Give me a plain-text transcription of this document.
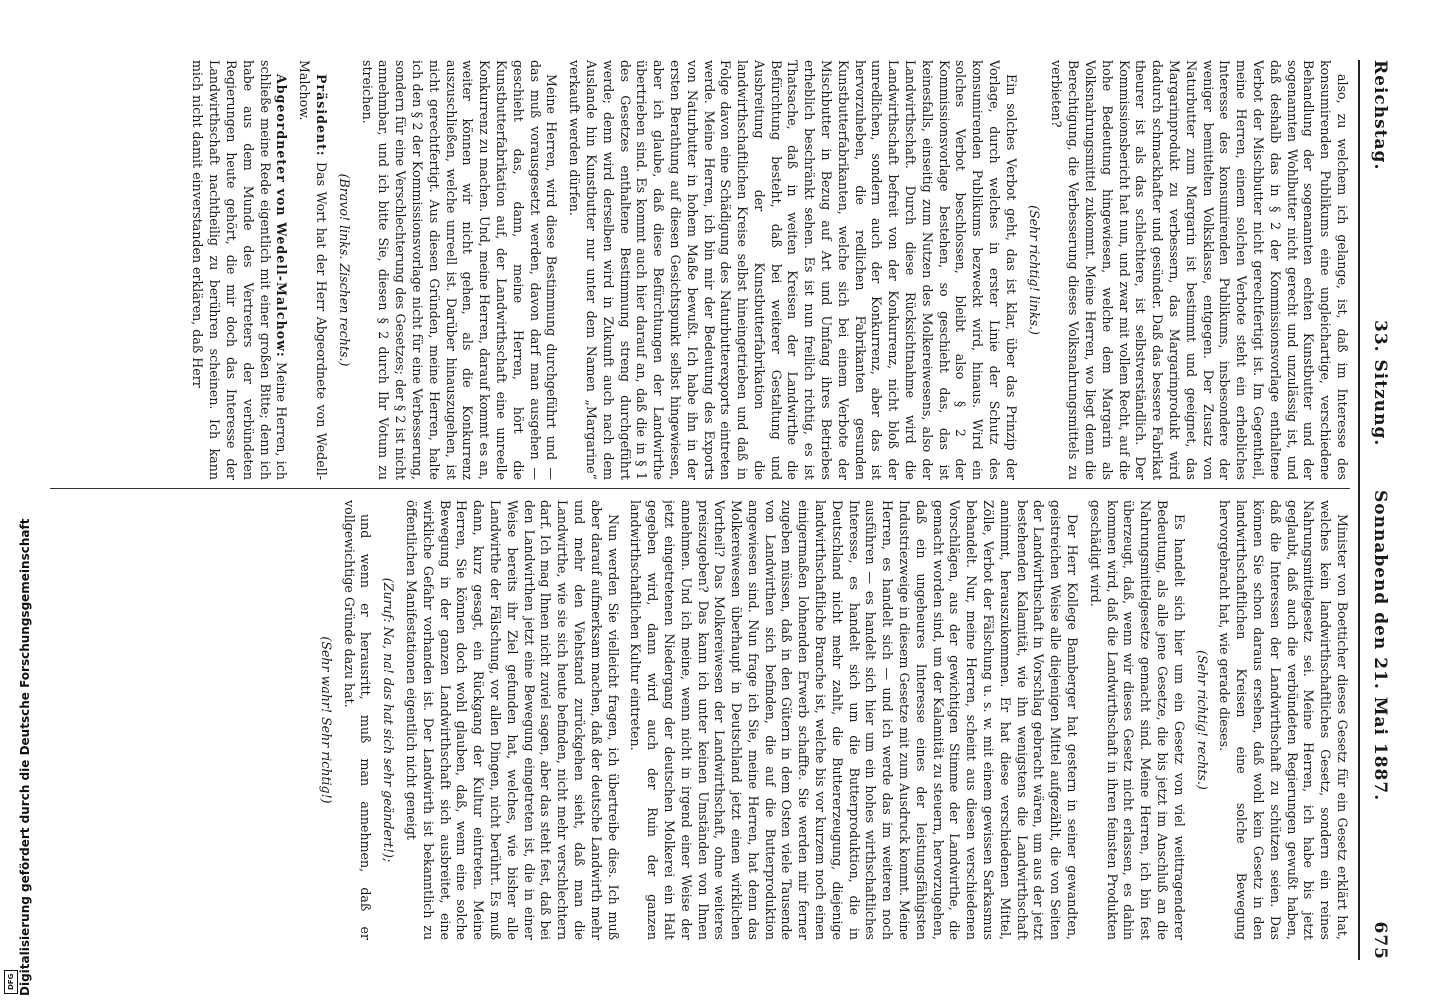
Reichstag.
33. Sitzung.
Sonnabend den 21. Mai 1887.
675

also, zu welchem ich gelange, ist, daß im Interesse des konsumirenden Publikums eine ungleichartige, verschiedene Behandlung der sogenannten echten Kunstbutter und der sogenannten Wohlbutter nicht gerecht und unzulässig ist, und daß deshalb das in § 2 der Kommissionsvorlage enthaltene Verbot der Mischbutter nicht gerechtfertigt ist. Im Gegentheil, meine Herren, einem solchen Verbote steht ein erhebliches Interesse des konsumirenden Publikums, insbesondere der weniger bemittelten Volksklasse, entgegen. Der Zusatz von Naturbutter zum Margarin ist bestimmt und geeignet, das Margarinprodukt zu verbessern, das Margarinprodukt wird dadurch schmackhafter und gesünder. Daß das bessere Fabrikat theurer ist als das schlechtere, ist selbstverständlich. Der Kommissionsbericht hat nun, und zwar mit vollem Recht, auf die hohe Bedeutung hingewiesen, welche dem Margarin als Volksnahrungsmittel zukommt. Meine Herren, wo liegt denn die Berechtigung, die Verbesserung dieses Volksnahrungsmittels zu verbieten?

(Sehr richtig! links.)

Ein solches Verbot geht, das ist klar, über das Prinzip der Vorlage, durch welches in erster Linie der Schutz des konsumirenden Publikums bezweckt wird, hinaus. Wird ein solches Verbot beschlossen, bleibt also § 2 der Kommissionsvorlage bestehen, so geschieht das, das ist keinesfalls, einseitig zum Nutzen des Molkereiwesens, also der Landwirthschaft. Durch diese Rücksichtnahme wird die Landwirthschaft befreit von der Konkurrenz, nicht bloß der unredlichen, sondern auch der Konkurrenz, aber das ist hervorzuheben, die redlichen Fabrikanten gesunden Kunstbutterfabrikanten, welche sich bei einem Verbote der Mischbutter in Bezug auf Art und Umfang ihres Betriebes erheblich beschränkt sehen. Es ist nun freilich richtig, es ist Thatsache, daß in weiten Kreisen der Landwirthe die Befürchtung besteht, daß bei weiterer Gestaltung und Ausbreitung der Kunstbutterfabrikation die landwirthschaftlichen Kreise selbst hineingetrieben und daß in Folge davon eine Schädigung des Naturbutterexports eintreten werde. Meine Herren, ich bin mir der Bedeutung des Exports von Naturbutter in hohem Maße bewußt. Ich habe ihn in der ersten Berathung auf diesen Gesichtspunkt selbst hingewiesen, aber ich glaube, daß diese Befürchtungen der Landwirthe übertrieben sind. Es kommt auch hier darauf an, daß die in § 1 des Gesetzes enthaltene Bestimmung streng durchgeführt werde; denn wird derselben wird in Zukunft auch nach dem Auslande hin Kunstbutter nur unter dem Namen „Margarine“ verkauft werden dürfen.

Meine Herren, wird diese Bestimmung durchgeführt und — das muß vorausgesetzt werden, davon darf man ausgehen — geschieht das, dann, meine Herren, hört die Kunstbutterfabrikation auf, der Landwirthschaft eine unreelle Konkurrenz zu machen. Und, meine Herren, darauf kommt es an, weiter können wir nicht gehen, als die Konkurrenz auszuschließen, welche unreell ist. Darüber hinauszugehen, ist nicht gerechtfertigt. Aus diesen Gründen, meine Herren, halte ich den § 2 der Kommissionsvorlage nicht für eine Verbesserung, sondern für eine Verschlechterung des Gesetzes; der § 2 ist nicht annehmbar, und ich bitte Sie, diesen § 2 durch Ihr Votum zu streichen.

(Bravo! links. Zischen rechts.)

Präsident: Das Wort hat der Herr Abgeordnete von Wedell-Malchow.

Abgeordneter von Wedell-Malchow: Meine Herren, ich schließe meine Rede eigentlich mit einer großen Bitte; denn ich habe aus dem Munde des Vertreters der verbündeten Regierungen heute gehört, die mir doch das Interesse der Landwirthschaft nachtheilig zu berühren scheinen. Ich kann mich nicht damit einverstanden erklären, daß Herr

Minister von Boetticher dieses Gesetz für ein Gesetz erklärt hat, welches kein landwirthschaftliches Gesetz, sondern ein reines Nahrungsmittelgesetz sei. Meine Herren, ich habe bis jetzt geglaubt, daß auch die verbündeten Regierungen gewußt haben, daß die Interessen der Landwirthschaft zu schützen seien. Das können Sie schon daraus ersehen, daß wohl kein Gesetz in den landwirthschaftlichen Kreisen eine solche Bewegung hervorgebracht hat, wie gerade dieses.

(Sehr richtig! rechts.)

Es handelt sich hier um ein Gesetz von viel weittragenderer Bedeutung, als alle jene Gesetze, die bis jetzt im Anschluß an die Nahrungsmittelgesetze gemacht sind. Meine Herren, ich bin fest überzeugt, daß, wenn wir dieses Gesetz nicht erlassen, es dahin kommen wird, daß die Landwirthschaft in ihren feinsten Produkten geschädigt wird.

Der Herr Kollege Bamberger hat gestern in seiner gewandten, geistreichen Weise alle diejenigen Mittel aufgezählt, die von Seiten der Landwirthschaft in Vorschlag gebracht wären, um aus der jetzt bestehenden Kalamität, wie ihn wenigstens die Landwirthschaft annimmt, herauszukommen. Er hat diese verschiedenen Mittel, Zölle, Verbot der Fälschung u. s. w. mit einem gewissen Sarkasmus behandelt. Nur, meine Herren, scheint aus diesen verschiedenen Vorschlägen, aus der gewichtigen Stimme der Landwirthe, die gemacht worden sind, um der Kalamität zu steuern, hervorzugehen, daß ein ungeheures Interesse eines der leistungsfähigsten Industriezweige in diesem Gesetze mit zum Ausdruck kommt. Meine Herren, es handelt sich — und ich werde das im weiteren noch ausführen — es handelt sich hier um ein hohes wirthschaftliches Interesse, es handelt sich um die Butterproduktion, die in Deutschland nicht mehr zahlt, die Buttererzeugung, diejenige landwirthschaftliche Branche ist, welche bis vor kurzem noch einen einigermaßen lohnenden Erwerb schaffte. Sie werden mir ferner zugeben müssen, daß in den Gütern in dem Osten viele Tausende von Landwirthen sich befinden, die auf die Butterproduktion angewiesen sind. Nun frage ich Sie, meine Herren, hat denn das Molkereiwesen überhaupt in Deutschland jetzt einen wirklichen Vortheil? Das Molkereiwesen der Landwirthschaft, ohne weiteres preiszugeben? Das kann ich unter keinen Umständen von Ihnen annehmen. Und ich meine, wenn nicht in irgend einer Weise der jetzt eingetretenen Niedergang der deutschen Molkerei ein Halt gegeben wird, dann wird auch der Ruin der ganzen landwirthschaftlichen Kultur eintreten.

Nun werden Sie vielleicht fragen, ich übertreibe dies. Ich muß aber darauf aufmerksam machen, daß der deutsche Landwirth mehr und mehr den Viehstand zurückgehen sieht, daß man die Landwirthe, wie sie sich heute befinden, nicht mehr verschlechtern darf. Ich mag Ihnen nicht zuviel sagen, aber das steht fest, daß bei den Landwirthen jetzt eine Bewegung eingetreten ist, die in einer Weise bereits ihr Ziel gefunden hat, welches, wie bisher alle Landwirthe der Fälschung, vor allen Dingen, nicht berührt. Es muß dann, kurz gesagt, ein Rückgang der Kultur eintreten. Meine Herren, Sie können doch wohl glauben, daß, wenn eine solche Bewegung in der ganzen Landwirthschaft sich ausbreitet, eine wirkliche Gefahr vorhanden ist. Der Landwirth ist bekanntlich zu öffentlichen Manifestationen eigentlich nicht geneigt

(Zuruf: Na, na! das hat sich sehr geändert!);

und wenn er herausritt, muß man annehmen, daß er vollgewichtige Gründe dazu hat.

(Sehr wahr! Sehr richtig!)

DFG Digitalisierung gefördert durch die Deutsche Forschungsgemeinschaft
